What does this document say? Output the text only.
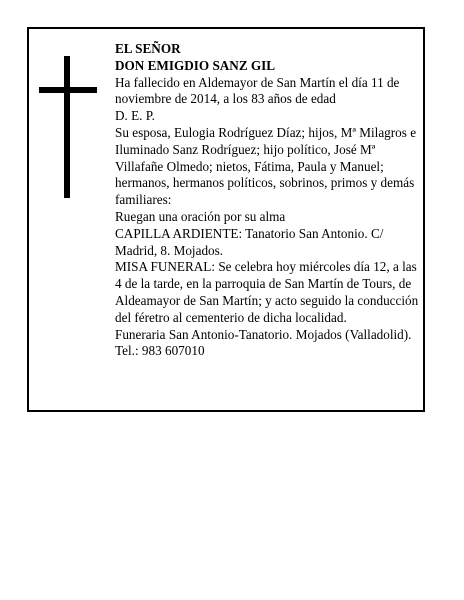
EL SEÑOR

DON EMIGDIO SANZ GIL

Ha fallecido en Aldemayor de San Martín el día 11 de noviembre de 2014, a los 83 años de edad

D. E. P.

Su esposa, Eulogia Rodríguez Díaz; hijos, Mª Milagros e Iluminado Sanz Rodríguez; hijo político, José Mª Villafañe Olmedo; nietos, Fátima, Paula y Manuel; hermanos, hermanos políticos, sobrinos, primos y demás familiares:

Ruegan una oración por su alma

CAPILLA ARDIENTE: Tanatorio San Antonio. C/ Madrid, 8. Mojados.

MISA FUNERAL: Se celebra hoy miércoles día 12, a las 4 de la tarde, en la parroquia de San Martín de Tours, de Aldeamayor de San Martín; y acto seguido la conducción del féretro al cementerio de dicha localidad.

Funeraria San Antonio-Tanatorio. Mojados (Valladolid). Tel.: 983 607010
